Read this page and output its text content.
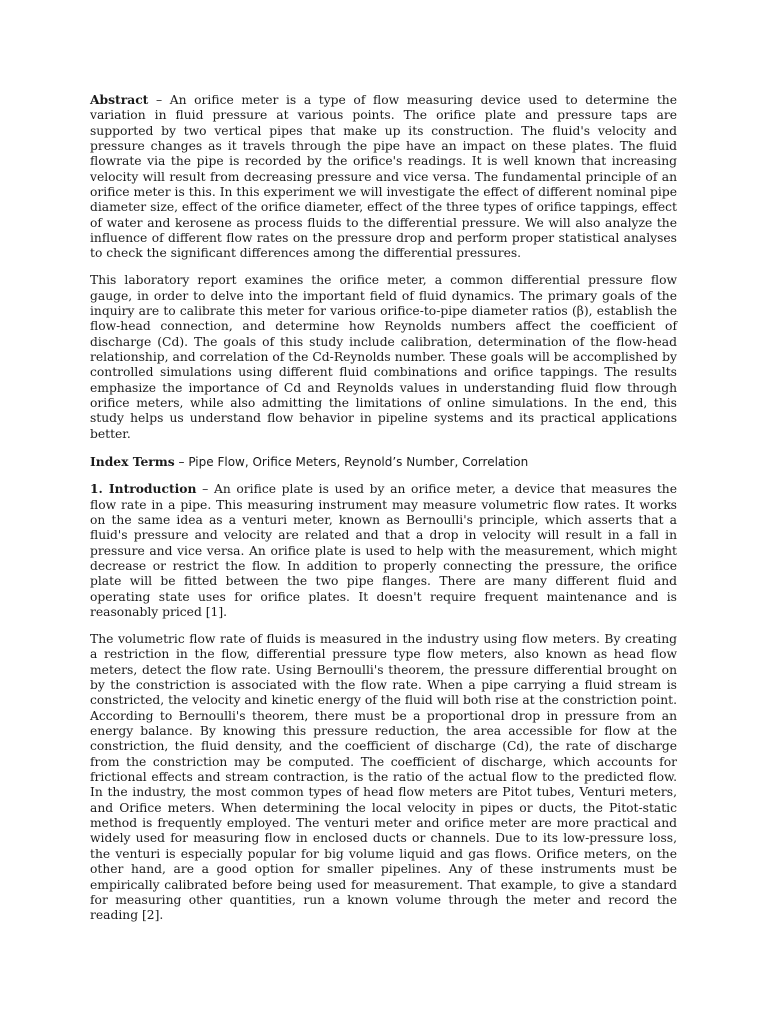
Abstract – An orifice meter is a type of flow measuring device used to determine the variation in fluid pressure at various points. The orifice plate and pressure taps are supported by two vertical pipes that make up its construction. The fluid's velocity and pressure changes as it travels through the pipe have an impact on these plates. The fluid flowrate via the pipe is recorded by the orifice's readings. It is well known that increasing velocity will result from decreasing pressure and vice versa. The fundamental principle of an orifice meter is this. In this experiment we will investigate the effect of different nominal pipe diameter size, effect of the orifice diameter, effect of the three types of orifice tappings, effect of water and kerosene as process fluids to the differential pressure. We will also analyze the influence of different flow rates on the pressure drop and perform proper statistical analyses to check the significant differences among the differential pressures.

This laboratory report examines the orifice meter, a common differential pressure flow gauge, in order to delve into the important field of fluid dynamics. The primary goals of the inquiry are to calibrate this meter for various orifice-to-pipe diameter ratios (β), establish the flow-head connection, and determine how Reynolds numbers affect the coefficient of discharge (Cd). The goals of this study include calibration, determination of the flow-head relationship, and correlation of the Cd-Reynolds number. These goals will be accomplished by controlled simulations using different fluid combinations and orifice tappings. The results emphasize the importance of Cd and Reynolds values in understanding fluid flow through orifice meters, while also admitting the limitations of online simulations. In the end, this study helps us understand flow behavior in pipeline systems and its practical applications better.

Index Terms – Pipe Flow, Orifice Meters, Reynold’s Number, Correlation

1. Introduction – An orifice plate is used by an orifice meter, a device that measures the flow rate in a pipe. This measuring instrument may measure volumetric flow rates. It works on the same idea as a venturi meter, known as Bernoulli's principle, which asserts that a fluid's pressure and velocity are related and that a drop in velocity will result in a fall in pressure and vice versa. An orifice plate is used to help with the measurement, which might decrease or restrict the flow. In addition to properly connecting the pressure, the orifice plate will be fitted between the two pipe flanges. There are many different fluid and operating state uses for orifice plates. It doesn't require frequent maintenance and is reasonably priced [1].

The volumetric flow rate of fluids is measured in the industry using flow meters. By creating a restriction in the flow, differential pressure type flow meters, also known as head flow meters, detect the flow rate. Using Bernoulli's theorem, the pressure differential brought on by the constriction is associated with the flow rate. When a pipe carrying a fluid stream is constricted, the velocity and kinetic energy of the fluid will both rise at the constriction point. According to Bernoulli's theorem, there must be a proportional drop in pressure from an energy balance. By knowing this pressure reduction, the area accessible for flow at the constriction, the fluid density, and the coefficient of discharge (Cd), the rate of discharge from the constriction may be computed. The coefficient of discharge, which accounts for frictional effects and stream contraction, is the ratio of the actual flow to the predicted flow. In the industry, the most common types of head flow meters are Pitot tubes, Venturi meters, and Orifice meters. When determining the local velocity in pipes or ducts, the Pitot-static method is frequently employed. The venturi meter and orifice meter are more practical and widely used for measuring flow in enclosed ducts or channels. Due to its low-pressure loss, the venturi is especially popular for big volume liquid and gas flows. Orifice meters, on the other hand, are a good option for smaller pipelines. Any of these instruments must be empirically calibrated before being used for measurement. That example, to give a standard for measuring other quantities, run a known volume through the meter and record the reading [2].
